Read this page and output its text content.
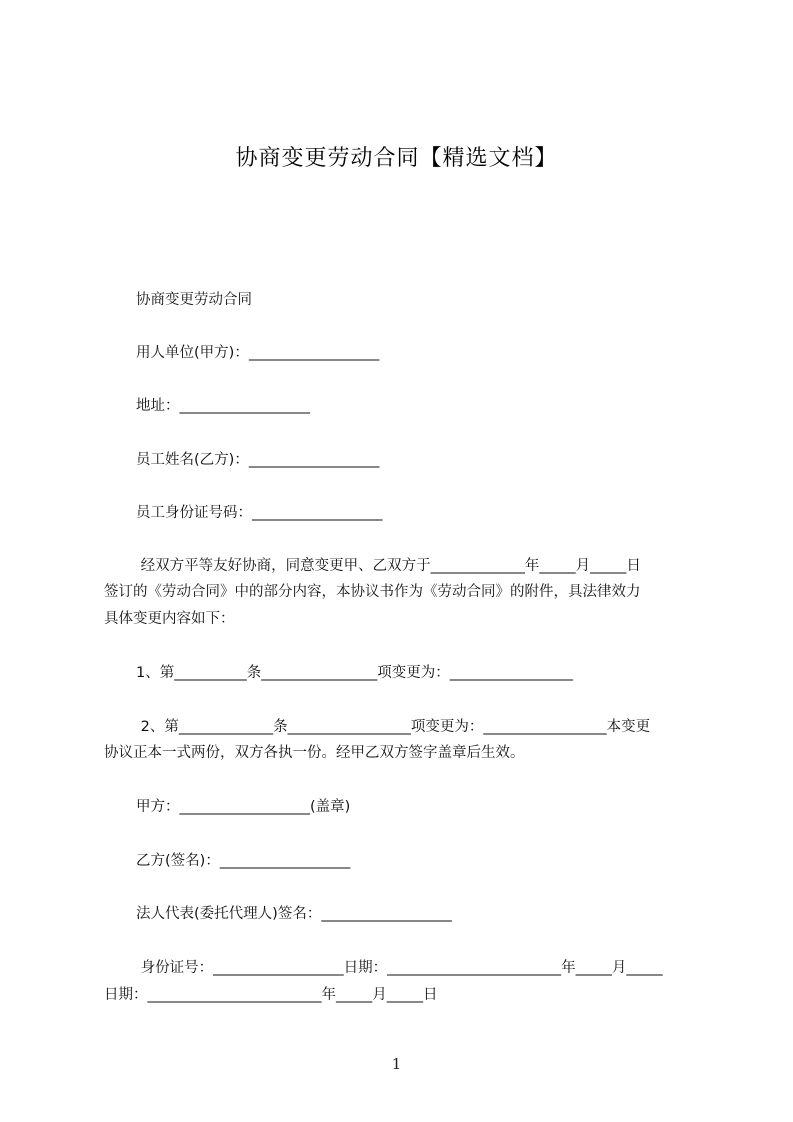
协商变更劳动合同【精选文档】
协商变更劳动合同
用人单位(甲方)：__________________
地址：__________________
员工姓名(乙方)：__________________
员工身份证号码：__________________
经双方平等友好协商，同意变更甲、乙双方于_____________年_____月_____日
签订的《劳动合同》中的部分内容，本协议书作为《劳动合同》的附件，具法律效力
具体变更内容如下：
1、第__________条________________项变更为：_________________
2、第_____________条_________________项变更为：_________________本变更
协议正本一式两份，双方各执一份。经甲乙双方签字盖章后生效。
甲方：__________________(盖章)
乙方(签名)：__________________
法人代表(委托代理人)签名：__________________
身份证号：__________________日期：________________________年_____月_____
日期：________________________年_____月_____日
1
